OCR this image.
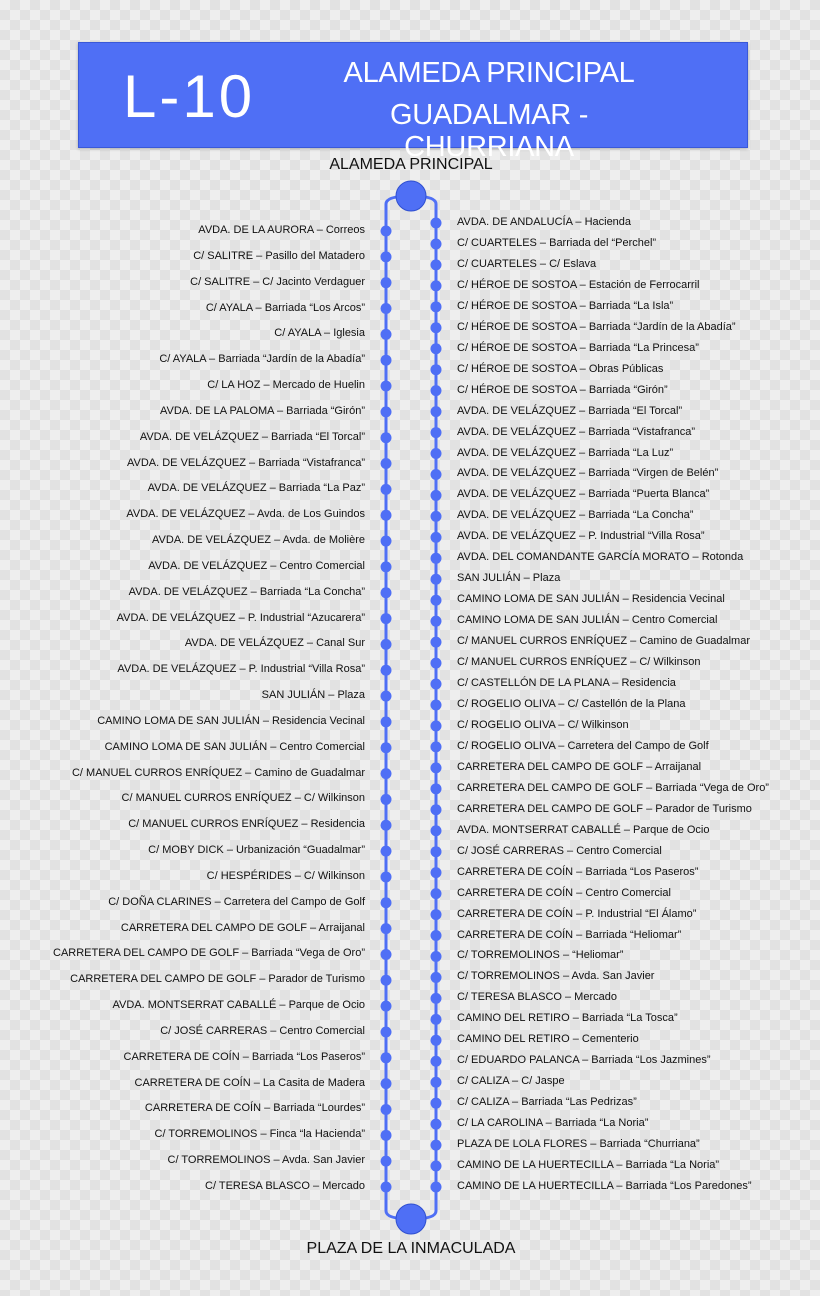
L-10	ALAMEDA PRINCIPAL
GUADALMAR - CHURRIANA
ALAMEDA PRINCIPAL
PLAZA DE LA INMACULADA
AVDA. DE LA AURORA – Correos
C/ SALITRE – Pasillo del Matadero
C/ SALITRE – C/ Jacinto Verdaguer
C/ AYALA – Barriada “Los Arcos”
C/ AYALA – Iglesia
C/ AYALA – Barriada “Jardín de la Abadía”
C/ LA HOZ – Mercado de Huelin
AVDA. DE LA PALOMA – Barriada “Girón”
AVDA. DE VELÁZQUEZ – Barriada “El Torcal”
AVDA. DE VELÁZQUEZ – Barriada “Vistafranca”
AVDA. DE VELÁZQUEZ – Barriada “La Paz”
AVDA. DE VELÁZQUEZ – Avda. de Los Guindos
AVDA. DE VELÁZQUEZ – Avda. de Molière
AVDA. DE VELÁZQUEZ – Centro Comercial
AVDA. DE VELÁZQUEZ – Barriada “La Concha”
AVDA. DE VELÁZQUEZ – P. Industrial “Azucarera”
AVDA. DE VELÁZQUEZ – Canal Sur
AVDA. DE VELÁZQUEZ – P. Industrial “Villa Rosa”
SAN JULIÁN – Plaza
CAMINO LOMA DE SAN JULIÁN – Residencia Vecinal
CAMINO LOMA DE SAN JULIÁN – Centro Comercial
C/ MANUEL CURROS ENRÍQUEZ – Camino de Guadalmar
C/ MANUEL CURROS ENRÍQUEZ – C/ Wilkinson
C/ MANUEL CURROS ENRÍQUEZ – Residencia
C/ MOBY DICK – Urbanización “Guadalmar”
C/ HESPÉRIDES – C/ Wilkinson
C/ DOÑA CLARINES – Carretera del Campo de Golf
CARRETERA DEL CAMPO DE GOLF – Arraijanal
CARRETERA DEL CAMPO DE GOLF – Barriada “Vega de Oro”
CARRETERA DEL CAMPO DE GOLF – Parador de Turismo
AVDA. MONTSERRAT CABALLÉ – Parque de Ocio
C/ JOSÉ CARRERAS – Centro Comercial
CARRETERA DE COÍN – Barriada “Los Paseros”
CARRETERA DE COÍN – La Casita de Madera
CARRETERA DE COÍN – Barriada “Lourdes”
C/ TORREMOLINOS – Finca “la Hacienda”
C/ TORREMOLINOS – Avda. San Javier
C/ TERESA BLASCO – Mercado
AVDA. DE ANDALUCÍA – Hacienda
C/ CUARTELES – Barriada del “Perchel”
C/ CUARTELES – C/ Eslava
C/ HÉROE DE SOSTOA – Estación de Ferrocarril
C/ HÉROE DE SOSTOA – Barriada “La Isla”
C/ HÉROE DE SOSTOA – Barriada “Jardín de la Abadía”
C/ HÉROE DE SOSTOA – Barriada “La Princesa”
C/ HÉROE DE SOSTOA – Obras Públicas
C/ HÉROE DE SOSTOA – Barriada “Girón”
AVDA. DE VELÁZQUEZ – Barriada “El Torcal”
AVDA. DE VELÁZQUEZ – Barriada “Vistafranca”
AVDA. DE VELÁZQUEZ – Barriada “La Luz”
AVDA. DE VELÁZQUEZ – Barriada “Virgen de Belén”
AVDA. DE VELÁZQUEZ – Barriada “Puerta Blanca”
AVDA. DE VELÁZQUEZ – Barriada “La Concha”
AVDA. DE VELÁZQUEZ – P. Industrial “Villa Rosa”
AVDA. DEL COMANDANTE GARCÍA MORATO – Rotonda
SAN JULIÁN – Plaza
CAMINO LOMA DE SAN JULIÁN – Residencia Vecinal
CAMINO LOMA DE SAN JULIÁN – Centro Comercial
C/ MANUEL CURROS ENRÍQUEZ – Camino de Guadalmar
C/ MANUEL CURROS ENRÍQUEZ – C/ Wilkinson
C/ CASTELLÓN DE LA PLANA – Residencia
C/ ROGELIO OLIVA – C/ Castellón de la Plana
C/ ROGELIO OLIVA – C/ Wilkinson
C/ ROGELIO OLIVA – Carretera del Campo de Golf
CARRETERA DEL CAMPO DE GOLF – Arraijanal
CARRETERA DEL CAMPO DE GOLF – Barriada “Vega de Oro”
CARRETERA DEL CAMPO DE GOLF – Parador de Turismo
AVDA. MONTSERRAT CABALLÉ – Parque de Ocio
C/ JOSÉ CARRERAS – Centro Comercial
CARRETERA DE COÍN – Barriada “Los Paseros”
CARRETERA DE COÍN – Centro Comercial
CARRETERA DE COÍN – P. Industrial “El Álamo”
CARRETERA DE COÍN – Barriada “Heliomar”
C/ TORREMOLINOS – “Heliomar”
C/ TORREMOLINOS – Avda. San Javier
C/ TERESA BLASCO – Mercado
CAMINO DEL RETIRO – Barriada “La Tosca”
CAMINO DEL RETIRO – Cementerio
C/ EDUARDO PALANCA – Barriada “Los Jazmines”
C/ CALIZA – C/ Jaspe
C/ CALIZA – Barriada “Las Pedrizas”
C/ LA CAROLINA – Barriada “La Noria”
PLAZA DE LOLA FLORES – Barriada “Churriana”
CAMINO DE LA HUERTECILLA – Barriada “La Noria”
CAMINO DE LA HUERTECILLA – Barriada “Los Paredones”
